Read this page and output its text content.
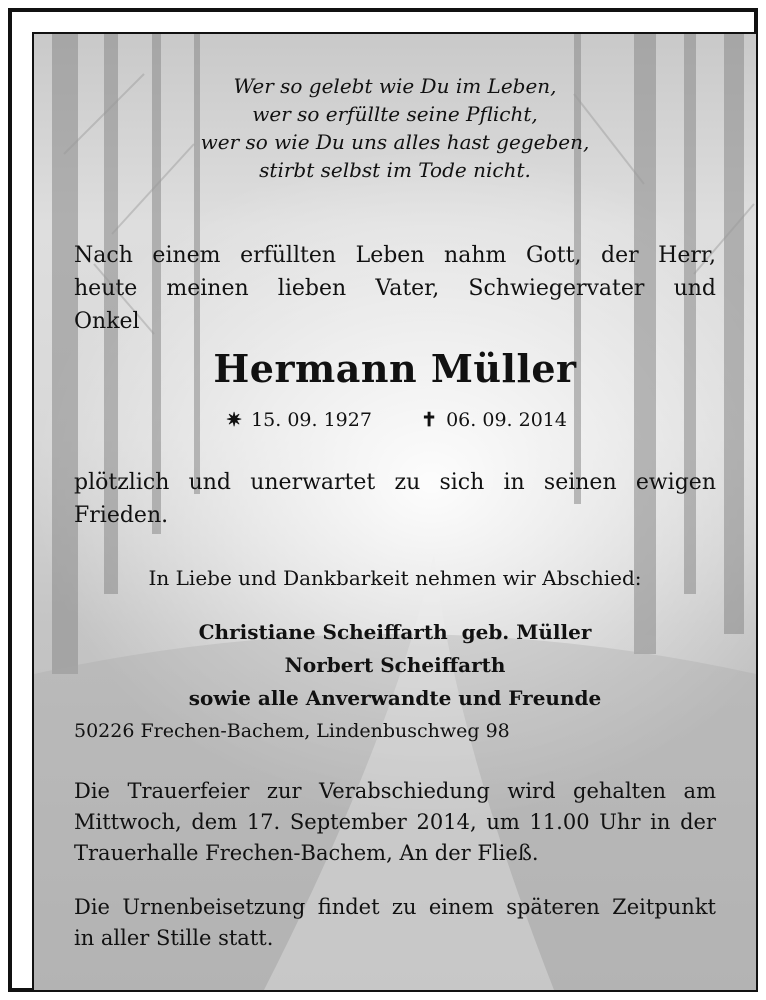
Wer so gelebt wie Du im Leben,
wer so erfüllte seine Pflicht,
wer so wie Du uns alles hast gegeben,
stirbt selbst im Tode nicht.
Nach einem erfüllten Leben nahm Gott, der Herr,
heute meinen lieben Vater, Schwiegervater und
Onkel
Hermann Müller
✷ 15. 09. 1927	✝ 06. 09. 2014
plötzlich und unerwartet zu sich in seinen ewigen
Frieden.
In Liebe und Dankbarkeit nehmen wir Abschied:
Christiane Scheiffarth  geb. Müller
Norbert Scheiffarth
sowie alle Anverwandte und Freunde
50226 Frechen-Bachem, Lindenbuschweg 98
Die Trauerfeier zur Verabschiedung wird gehalten am
Mittwoch, dem 17. September 2014, um 11.00 Uhr in der
Trauerhalle Frechen-Bachem, An der Fließ.
Die Urnenbeisetzung findet zu einem späteren Zeitpunkt
in aller Stille statt.
